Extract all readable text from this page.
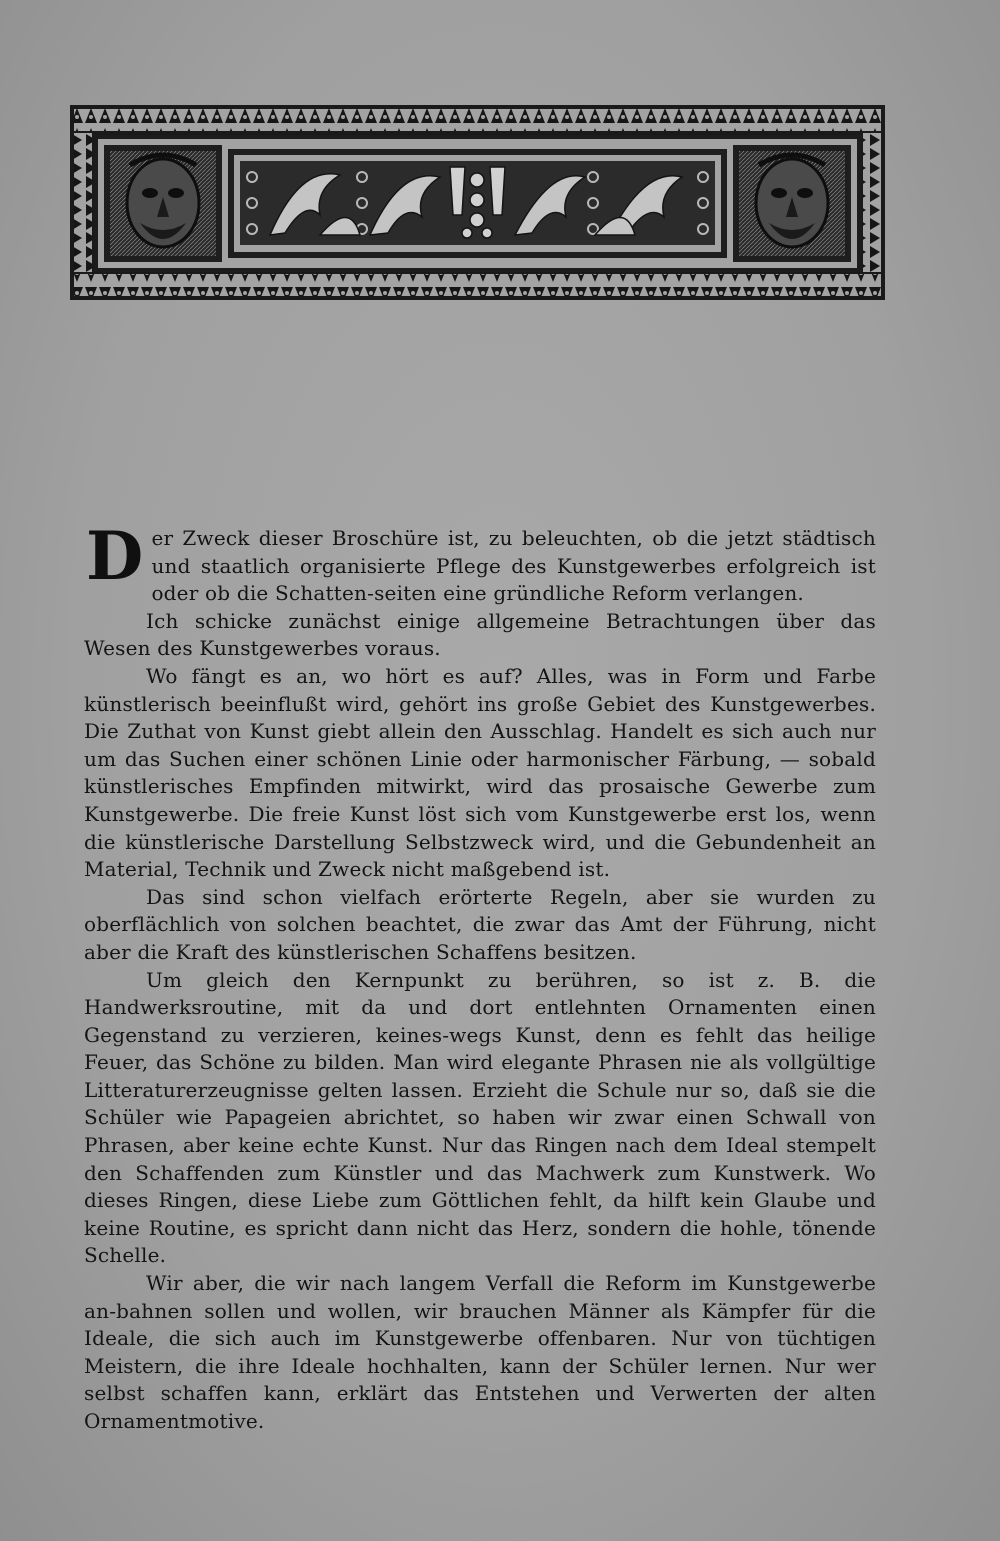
Der Zweck dieser Broschüre ist, zu beleuchten, ob die jetzt städtisch und staatlich organisierte Pflege des Kunstgewerbes erfolgreich ist oder ob die Schatten-seiten eine gründliche Reform verlangen.

Ich schicke zunächst einige allgemeine Betrachtungen über das Wesen des Kunstgewerbes voraus.

Wo fängt es an, wo hört es auf? Alles, was in Form und Farbe künstlerisch beeinflußt wird, gehört ins große Gebiet des Kunstgewerbes. Die Zuthat von Kunst giebt allein den Ausschlag. Handelt es sich auch nur um das Suchen einer schönen Linie oder harmonischer Färbung, — sobald künstlerisches Empfinden mitwirkt, wird das prosaische Gewerbe zum Kunstgewerbe. Die freie Kunst löst sich vom Kunstgewerbe erst los, wenn die künstlerische Darstellung Selbstzweck wird, und die Gebundenheit an Material, Technik und Zweck nicht maßgebend ist.

Das sind schon vielfach erörterte Regeln, aber sie wurden zu oberflächlich von solchen beachtet, die zwar das Amt der Führung, nicht aber die Kraft des künstlerischen Schaffens besitzen.

Um gleich den Kernpunkt zu berühren, so ist z. B. die Handwerksroutine, mit da und dort entlehnten Ornamenten einen Gegenstand zu verzieren, keines-wegs Kunst, denn es fehlt das heilige Feuer, das Schöne zu bilden. Man wird elegante Phrasen nie als vollgültige Litteraturerzeugnisse gelten lassen. Erzieht die Schule nur so, daß sie die Schüler wie Papageien abrichtet, so haben wir zwar einen Schwall von Phrasen, aber keine echte Kunst. Nur das Ringen nach dem Ideal stempelt den Schaffenden zum Künstler und das Machwerk zum Kunstwerk. Wo dieses Ringen, diese Liebe zum Göttlichen fehlt, da hilft kein Glaube und keine Routine, es spricht dann nicht das Herz, sondern die hohle, tönende Schelle.

Wir aber, die wir nach langem Verfall die Reform im Kunstgewerbe an-bahnen sollen und wollen, wir brauchen Männer als Kämpfer für die Ideale, die sich auch im Kunstgewerbe offenbaren. Nur von tüchtigen Meistern, die ihre Ideale hochhalten, kann der Schüler lernen. Nur wer selbst schaffen kann, erklärt das Entstehen und Verwerten der alten Ornamentmotive.
